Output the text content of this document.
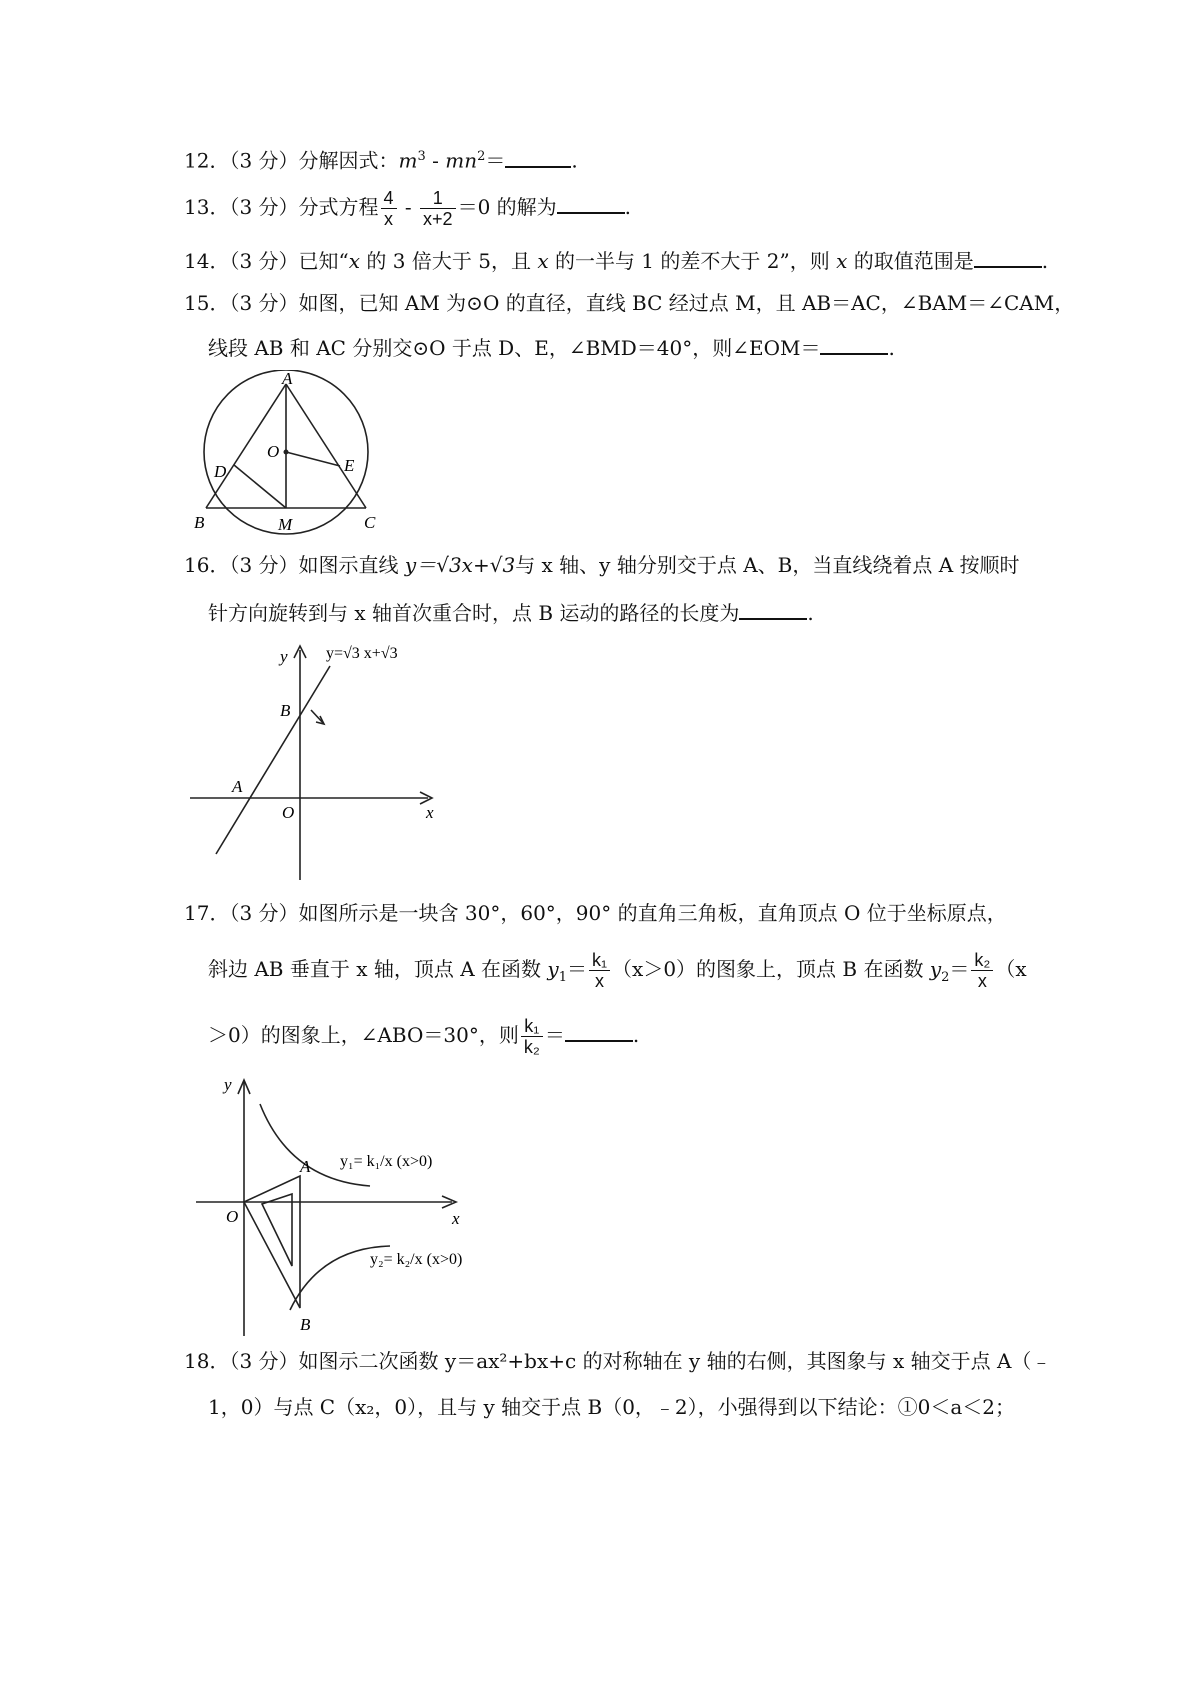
12．（3 分）分解因式：$m^3 - mn^2=$	.
13．（3 分）分式方程 $\frac{4}{x} - \frac{1}{x+2} =0$ 的解为	.
14．（3 分）已知“x 的 3 倍大于 5，且 x 的一半与 1 的差不大于 2”，则 x 的取值范围是	.
15．（3 分）如图，已知 AM 为⊙O 的直径，直线 BC 经过点 M，且 AB＝AC，∠BAM＝∠CAM，
线段 AB 和 AC 分别交⊙O 于点 D、E，∠BMD＝40°，则∠EOM＝	.
A
O
D	E
B	M	C
16．（3 分）如图示直线 y＝√3x+√3与 x 轴、y 轴分别交于点 A、B，当直线绕着点 A 按顺时
针方向旋转到与 x 轴首次重合时，点 B 运动的路径的长度为	.
y y=√3 x+√3
B
A
O	x
17．（3 分）如图所示是一块含 30°，60°，90° 的直角三角板，直角顶点 O 位于坐标原点，
斜边 AB 垂直于 x 轴，顶点 A 在函数 $y_1= \frac{\text{k₁}}{x} (x>0)$的图象上，顶点 B 在函数 $y_2= \frac{\text{k₂}}{x} (x$
＞0）的图象上，∠ABO＝30°，则 $\frac{\text{k₁}}{\text{k₂}}$ ＝	.
y
O	x
A
B
y₁= k₁/x (x>0)
y₂= k₂/x (x>0)
18．（3 分）如图示二次函数 y＝ax²+bx+c 的对称轴在 y 轴的右侧，其图象与 x 轴交于点 A（﹣
1，0）与点 C（x₂，0），且与 y 轴交于点 B（0，﹣2），小强得到以下结论：①0＜a＜2；
